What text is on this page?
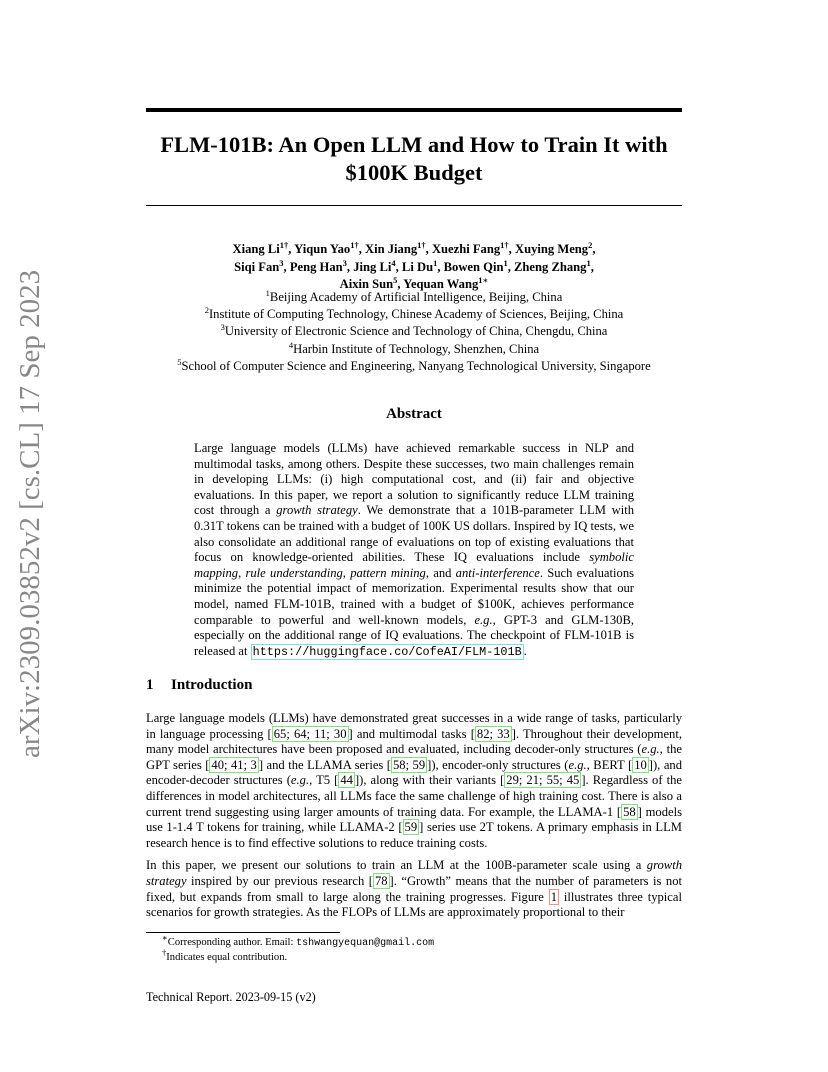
arXiv:2309.03852v2 [cs.CL] 17 Sep 2023
FLM-101B: An Open LLM and How to Train It with
$100K Budget
Xiang $Li^{1\dagger}$, Yiqun Yao$^{1\dagger}$, Xin Jiang$^{1\dagger}$, Xuezhi Fang$^{1\dagger}$, Xuying Meng$^2$,
Siqi Fan$^3$, Peng Han$^3$, Jing Li$^4$, Li Du$^1$, Bowen Qin$^1$, Zheng Zhang$^1$,
Aixin Sun$^5$, Yequan Wang$^{1∗}$
$^1$Beijing Academy of Artificial Intelligence, Beijing, China
$^2$Institute of Computing Technology, Chinese Academy of Sciences, Beijing, China
$^3$University of Electronic Science and Technology of China, Chengdu, China
$^4$Harbin Institute of Technology, Shenzhen, China
$^5$School of Computer Science and Engineering, Nanyang Technological University, Singapore
Abstract
Large language models (LLMs) have achieved remarkable success in NLP and multimodal tasks, among others. Despite these successes, two main challenges remain in developing LLMs: (i) high computational cost, and (ii) fair and objective evaluations. In this paper, we report a solution to significantly reduce LLM training cost through a growth strategy. We demonstrate that a 101B-parameter LLM with 0.31T tokens can be trained with a budget of 100K US dollars. Inspired by IQ tests, we also consolidate an additional range of evaluations on top of existing evaluations that focus on knowledge-oriented abilities. These IQ evaluations include symbolic mapping, rule understanding, pattern mining, and anti-interference. Such evaluations minimize the potential impact of memorization. Experimental results show that our model, named FLM-101B, trained with a budget of $100K, achieves performance comparable to powerful and well-known models, e.g., GPT-3 and GLM-130B, especially on the additional range of IQ evaluations. The checkpoint of FLM-101B is released at https://huggingface.co/CofeAI/FLM-101B .
1 Introduction

Large language models (LLMs) have demonstrated great successes in a wide range of tasks, particularly in language processing [ 65; 64; 11; 30 ] and multimodal tasks [ 82; 33 ]. Throughout their development, many model architectures have been proposed and evaluated, including decoder-only structures (e.g., the GPT series [ 40; 41; 3 ] and the LLAMA series [ 58; 59 ]), encoder-only structures (e.g., BERT [ 10 ]), and encoder-decoder structures (e.g., T5 [ 44 ]), along with their variants [ 29; 21; 55; 45 ]. Regardless of the differences in model architectures, all LLMs face the same challenge of high training cost. There is also a current trend suggesting using larger amounts of training data. For example, the LLAMA-1 [ 58 ] models use 1-1.4 T tokens for training, while LLAMA-2 [ 59 ] series use 2T tokens. A primary emphasis in LLM research hence is to find effective solutions to reduce training costs.

In this paper, we present our solutions to train an LLM at the 100B-parameter scale using a growth strategy inspired by our previous research [ 78 ]. “Growth” means that the number of parameters is not fixed, but expands from small to large along the training progresses. Figure 1 illustrates three typical scenarios for growth strategies. As the FLOPs of LLMs are approximately proportional to their

∗Corresponding author. Email: tshwangyequan@gmail.com
†Indicates equal contribution.
Technical Report. 2023-09-15 (v2)
